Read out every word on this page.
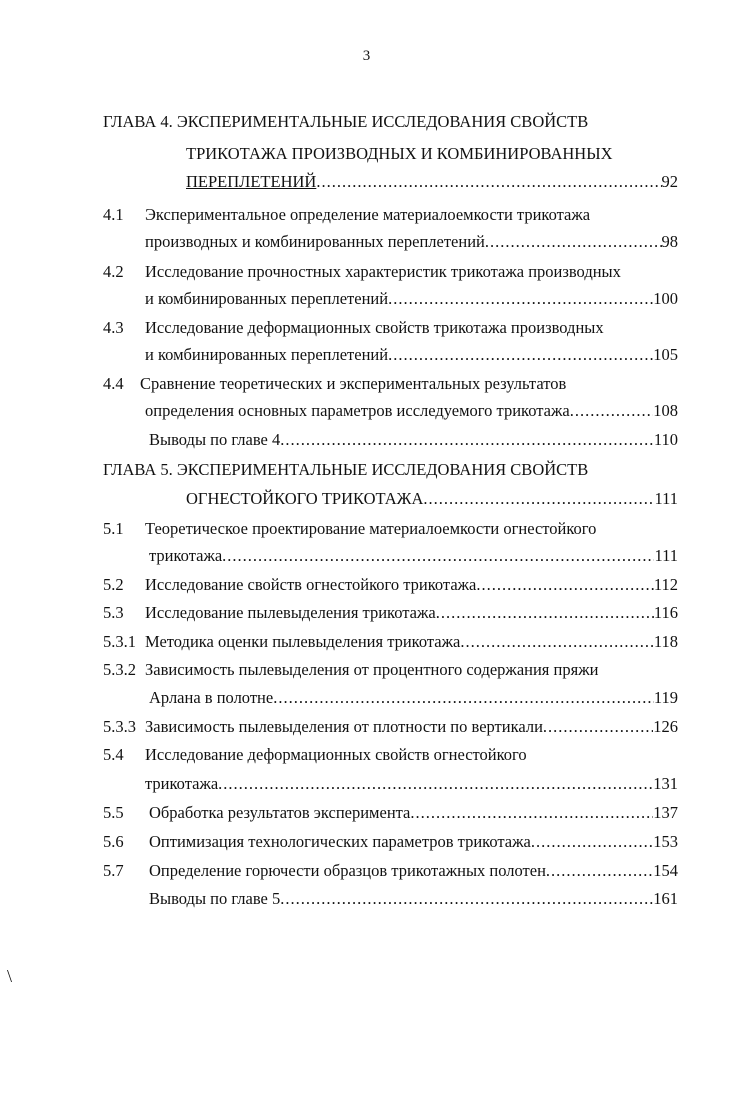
3
ГЛАВА 4. ЭКСПЕРИМЕНТАЛЬНЫЕ ИССЛЕДОВАНИЯ СВОЙСТВ
ТРИКОТАЖА ПРОИЗВОДНЫХ И КОМБИНИРОВАННЫХ
ПЕРЕПЛЕТЕНИЙ .....	92
4.1 Экспериментальное определение материалоемкости трикотажа
производных и комбинированных переплетений .....	98
4.2 Исследование прочностных характеристик трикотажа производных
и комбинированных переплетений .....	100
4.3 Исследование деформационных свойств трикотажа производных
и комбинированных переплетений .....	105
4.4 Сравнение теоретических и экспериментальных результатов
определения основных параметров исследуемого трикотажа .....	108
Выводы по главе 4 .....	110
ГЛАВА 5. ЭКСПЕРИМЕНТАЛЬНЫЕ ИССЛЕДОВАНИЯ СВОЙСТВ
ОГНЕСТОЙКОГО ТРИКОТАЖА .....	111
5.1 Теоретическое проектирование материалоемкости огнестойкого
трикотажа .....	111
5.2 Исследование свойств огнестойкого трикотажа .....	112
5.3 Исследование пылевыделения трикотажа .....	116
5.3.1 Методика оценки пылевыделения трикотажа .....	118
5.3.2 Зависимость пылевыделения от процентного содержания пряжи
Арлана в полотне .....	119
5.3.3 Зависимость пылевыделения от плотности по вертикали .....	126
5.4 Исследование деформационных свойств огнестойкого
трикотажа .....	131
5.5 Обработка результатов эксперимента .....	137
5.6 Оптимизация технологических параметров трикотажа .....	153
5.7 Определение горючести образцов трикотажных полотен .....	154
Выводы по главе 5 .....	161
\
